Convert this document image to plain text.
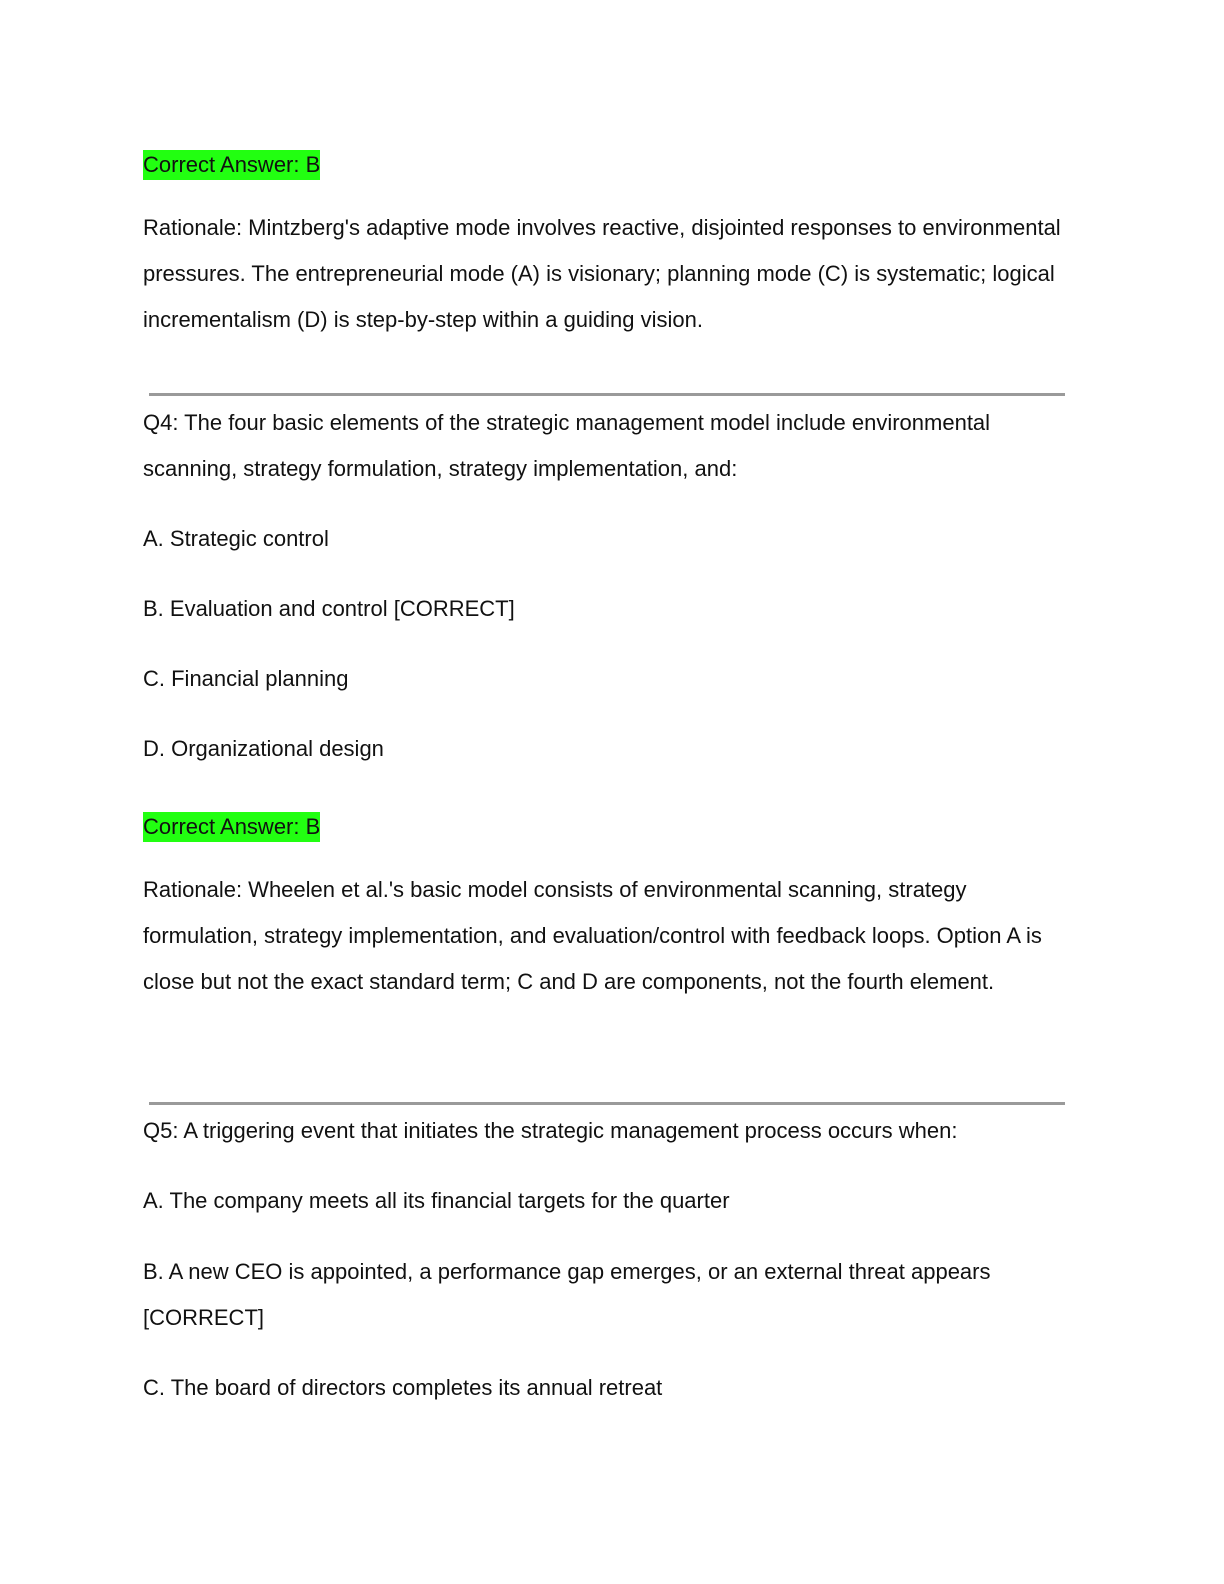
Correct Answer: B

Rationale: Mintzberg's adaptive mode involves reactive, disjointed responses to environmental pressures. The entrepreneurial mode (A) is visionary; planning mode (C) is systematic; logical incrementalism (D) is step-by-step within a guiding vision.

Q4: The four basic elements of the strategic management model include environmental scanning, strategy formulation, strategy implementation, and:

A. Strategic control

B. Evaluation and control [CORRECT]

C. Financial planning

D. Organizational design

Correct Answer: B

Rationale: Wheelen et al.'s basic model consists of environmental scanning, strategy formulation, strategy implementation, and evaluation/control with feedback loops. Option A is close but not the exact standard term; C and D are components, not the fourth element.

Q5: A triggering event that initiates the strategic management process occurs when:

A. The company meets all its financial targets for the quarter

B. A new CEO is appointed, a performance gap emerges, or an external threat appears [CORRECT]

C. The board of directors completes its annual retreat
